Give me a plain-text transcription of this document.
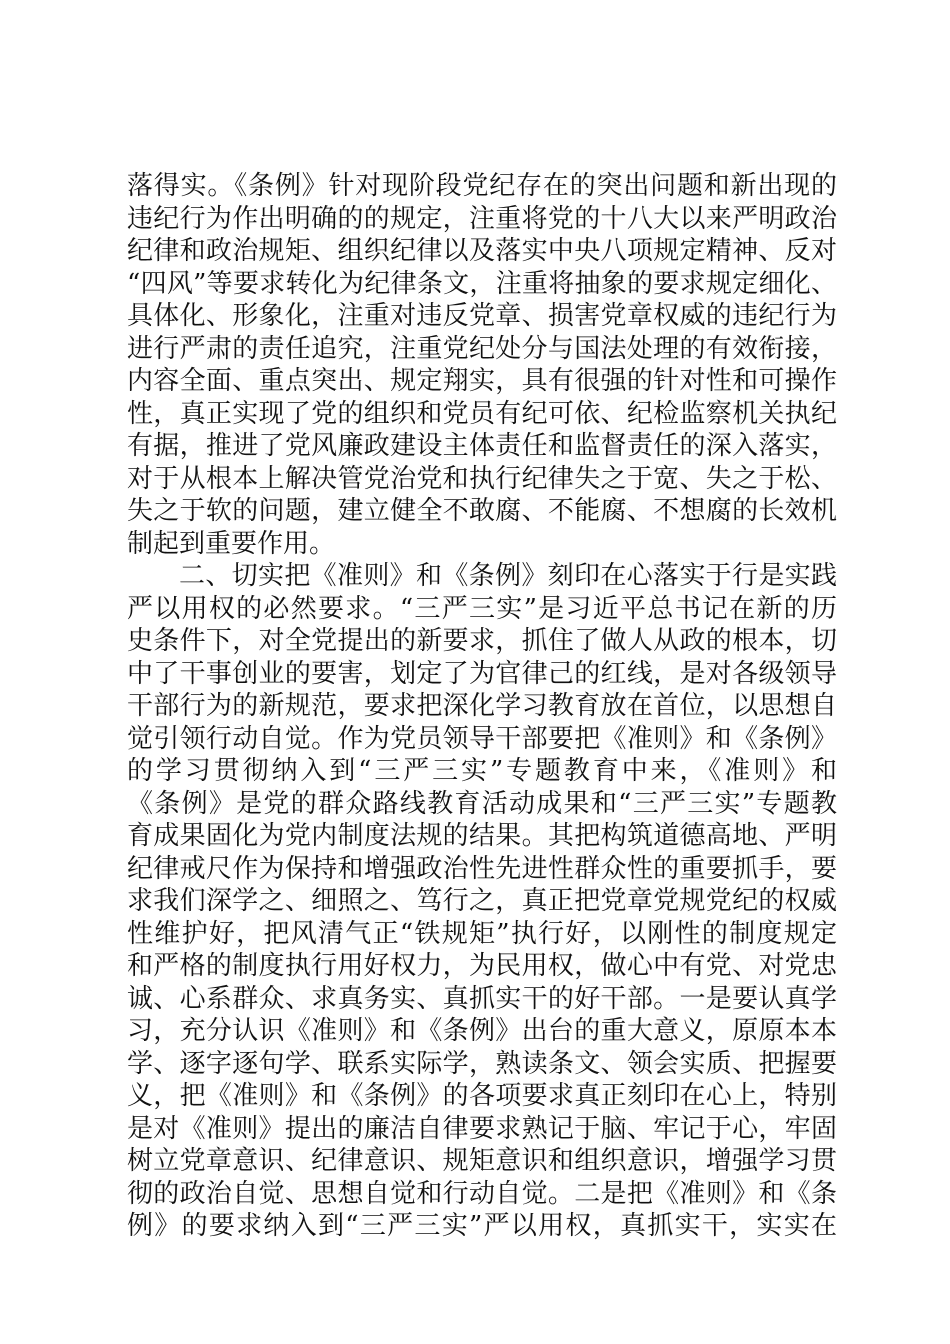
落得实。《条例》针对现阶段党纪存在的突出问题和新出现的
违纪行为作出明确的的规定，注重将党的十八大以来严明政治
纪律和政治规矩、组织纪律以及落实中央八项规定精神、反对
“四风”等要求转化为纪律条文，注重将抽象的要求规定细化、
具体化、形象化，注重对违反党章、损害党章权威的违纪行为
进行严肃的责任追究，注重党纪处分与国法处理的有效衔接，
内容全面、重点突出、规定翔实，具有很强的针对性和可操作
性，真正实现了党的组织和党员有纪可依、纪检监察机关执纪
有据，推进了党风廉政建设主体责任和监督责任的深入落实，
对于从根本上解决管党治党和执行纪律失之于宽、失之于松、
失之于软的问题，建立健全不敢腐、不能腐、不想腐的长效机
制起到重要作用。
二、切实把《准则》和《条例》刻印在心落实于行是实践
严以用权的必然要求。“三严三实”是习近平总书记在新的历
史条件下，对全党提出的新要求，抓住了做人从政的根本，切
中了干事创业的要害，划定了为官律己的红线，是对各级领导
干部行为的新规范，要求把深化学习教育放在首位，以思想自
觉引领行动自觉。作为党员领导干部要把《准则》和《条例》
的学习贯彻纳入到“三严三实”专题教育中来，《准则》和
《条例》是党的群众路线教育活动成果和“三严三实”专题教
育成果固化为党内制度法规的结果。其把构筑道德高地、严明
纪律戒尺作为保持和增强政治性先进性群众性的重要抓手，要
求我们深学之、细照之、笃行之，真正把党章党规党纪的权威
性维护好，把风清气正“铁规矩”执行好，以刚性的制度规定
和严格的制度执行用好权力，为民用权，做心中有党、对党忠
诚、心系群众、求真务实、真抓实干的好干部。一是要认真学
习，充分认识《准则》和《条例》出台的重大意义，原原本本
学、逐字逐句学、联系实际学，熟读条文、领会实质、把握要
义，把《准则》和《条例》的各项要求真正刻印在心上，特别
是对《准则》提出的廉洁自律要求熟记于脑、牢记于心，牢固
树立党章意识、纪律意识、规矩意识和组织意识，增强学习贯
彻的政治自觉、思想自觉和行动自觉。二是把《准则》和《条
例》的要求纳入到“三严三实”严以用权，真抓实干，实实在
